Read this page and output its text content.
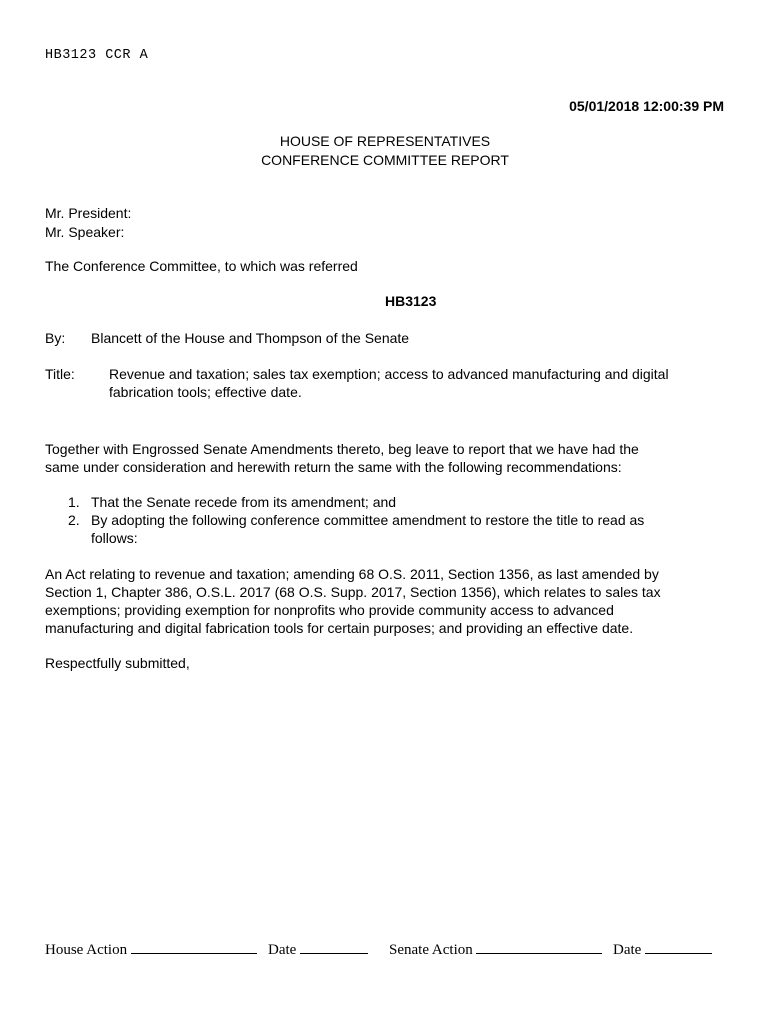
HB3123 CCR A
05/01/2018 12:00:39 PM
HOUSE OF REPRESENTATIVES
CONFERENCE COMMITTEE REPORT
Mr. President:
Mr. Speaker:
The Conference Committee, to which was referred
HB3123
By: Blancett of the House and Thompson of the Senate
Title: Revenue and taxation; sales tax exemption; access to advanced manufacturing and digital
fabrication tools; effective date.
Together with Engrossed Senate Amendments thereto, beg leave to report that we have had the
same under consideration and herewith return the same with the following recommendations:
1. That the Senate recede from its amendment; and
2. By adopting the following conference committee amendment to restore the title to read as
follows:
An Act relating to revenue and taxation; amending 68 O.S. 2011, Section 1356, as last amended by
Section 1, Chapter 386, O.S.L. 2017 (68 O.S. Supp. 2017, Section 1356), which relates to sales tax
exemptions; providing exemption for nonprofits who provide community access to advanced
manufacturing and digital fabrication tools for certain purposes; and providing an effective date.
Respectfully submitted,
House Action	Date	Senate Action	Date
